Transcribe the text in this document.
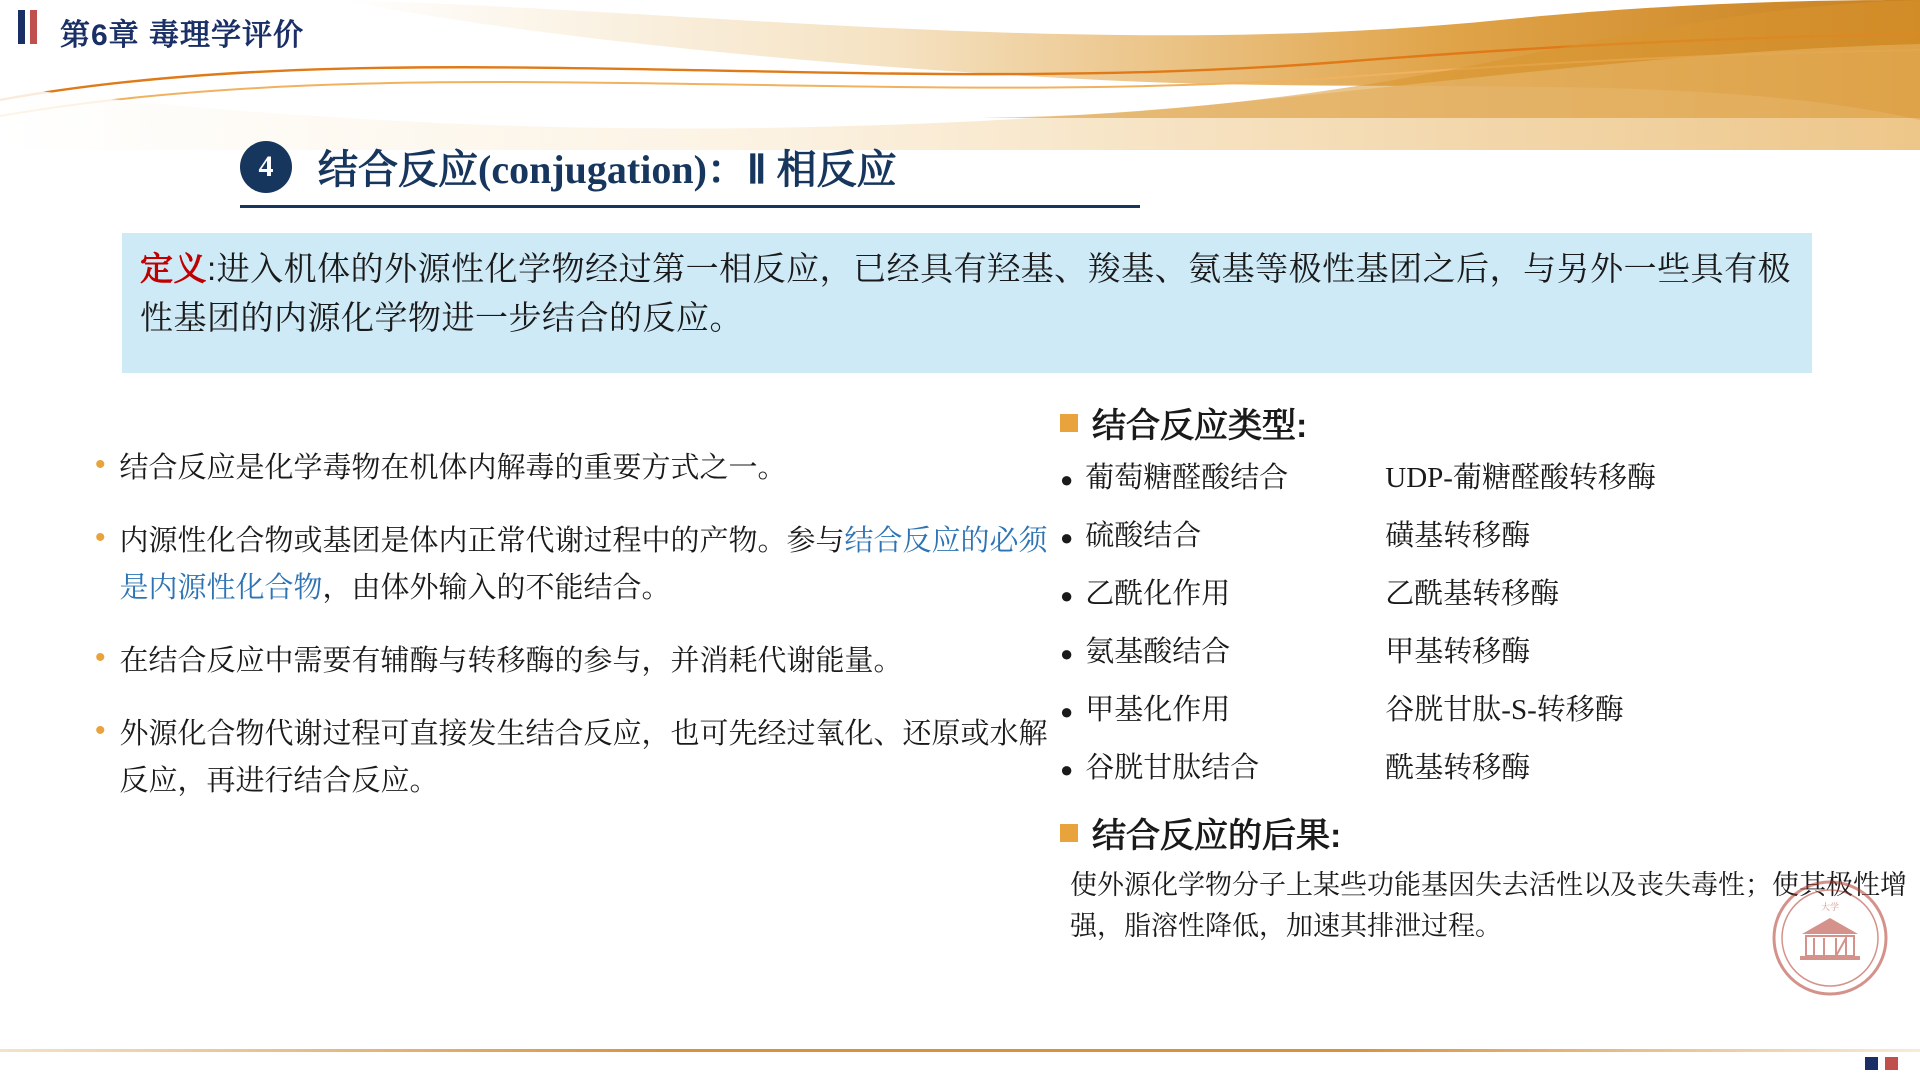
第6章 毒理学评价
4	结合反应(conjugation)：Ⅱ 相反应
定义:进入机体的外源性化学物经过第一相反应，已经具有羟基、羧基、氨基等极性基团之后，与另外一些具有极性基团的内源化学物进一步结合的反应。
• 结合反应是化学毒物在机体内解毒的重要方式之一。
• 内源性化合物或基团是体内正常代谢过程中的产物。参与结合反应的必须是内源性化合物，由体外输入的不能结合。
• 在结合反应中需要有辅酶与转移酶的参与，并消耗代谢能量。
• 外源化合物代谢过程可直接发生结合反应，也可先经过氧化、还原或水解反应，再进行结合反应。
结合反应类型:
● 葡萄糖醛酸结合	UDP-葡糖醛酸转移酶
● 硫酸结合	磺基转移酶
● 乙酰化作用	乙酰基转移酶
● 氨基酸结合	甲基转移酶
● 甲基化作用	谷胱甘肽-S-转移酶
● 谷胱甘肽结合	酰基转移酶
结合反应的后果:
使外源化学物分子上某些功能基因失去活性以及丧失毒性；使其极性增强，脂溶性降低，加速其排泄过程。
大学
